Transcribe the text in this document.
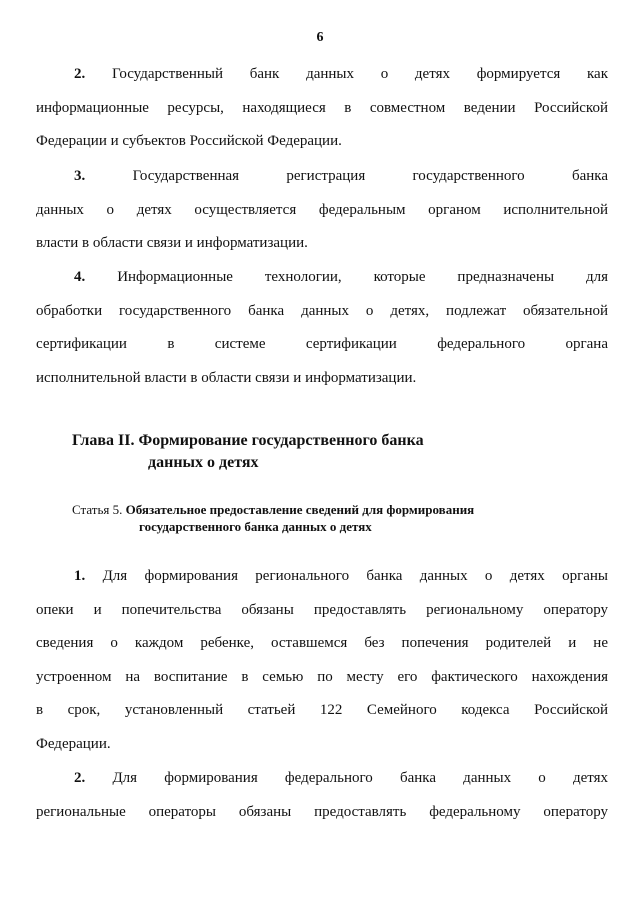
6
2. Государственный банк данных о детях формируется как
информационные ресурсы, находящиеся в совместном ведении Российской
Федерации и субъектов Российской Федерации.
3.	Государственная регистрация государственного банка
данных о детях осуществляется федеральным органом исполнительной
власти в области связи и информатизации.
4. Информационные технологии, которые предназначены для
обработки государственного банка данных о детях, подлежат обязательной
сертификации в системе сертификации федерального органа
исполнительной власти в области связи и информатизации.
Глава II. Формирование государственного банка
данных о детях
Статья 5. Обязательное предоставление сведений для формирования
государственного банка данных о детях
1. Для формирования регионального банка данных о детях органы
опеки и попечительства обязаны предоставлять региональному оператору
сведения о каждом ребенке, оставшемся без попечения родителей и не
устроенном на воспитание в семью по месту его фактического нахождения
в срок, установленный статьей 122 Семейного кодекса Российской
Федерации.
2. Для формирования федерального банка данных о детях
региональные операторы обязаны предоставлять федеральному оператору
